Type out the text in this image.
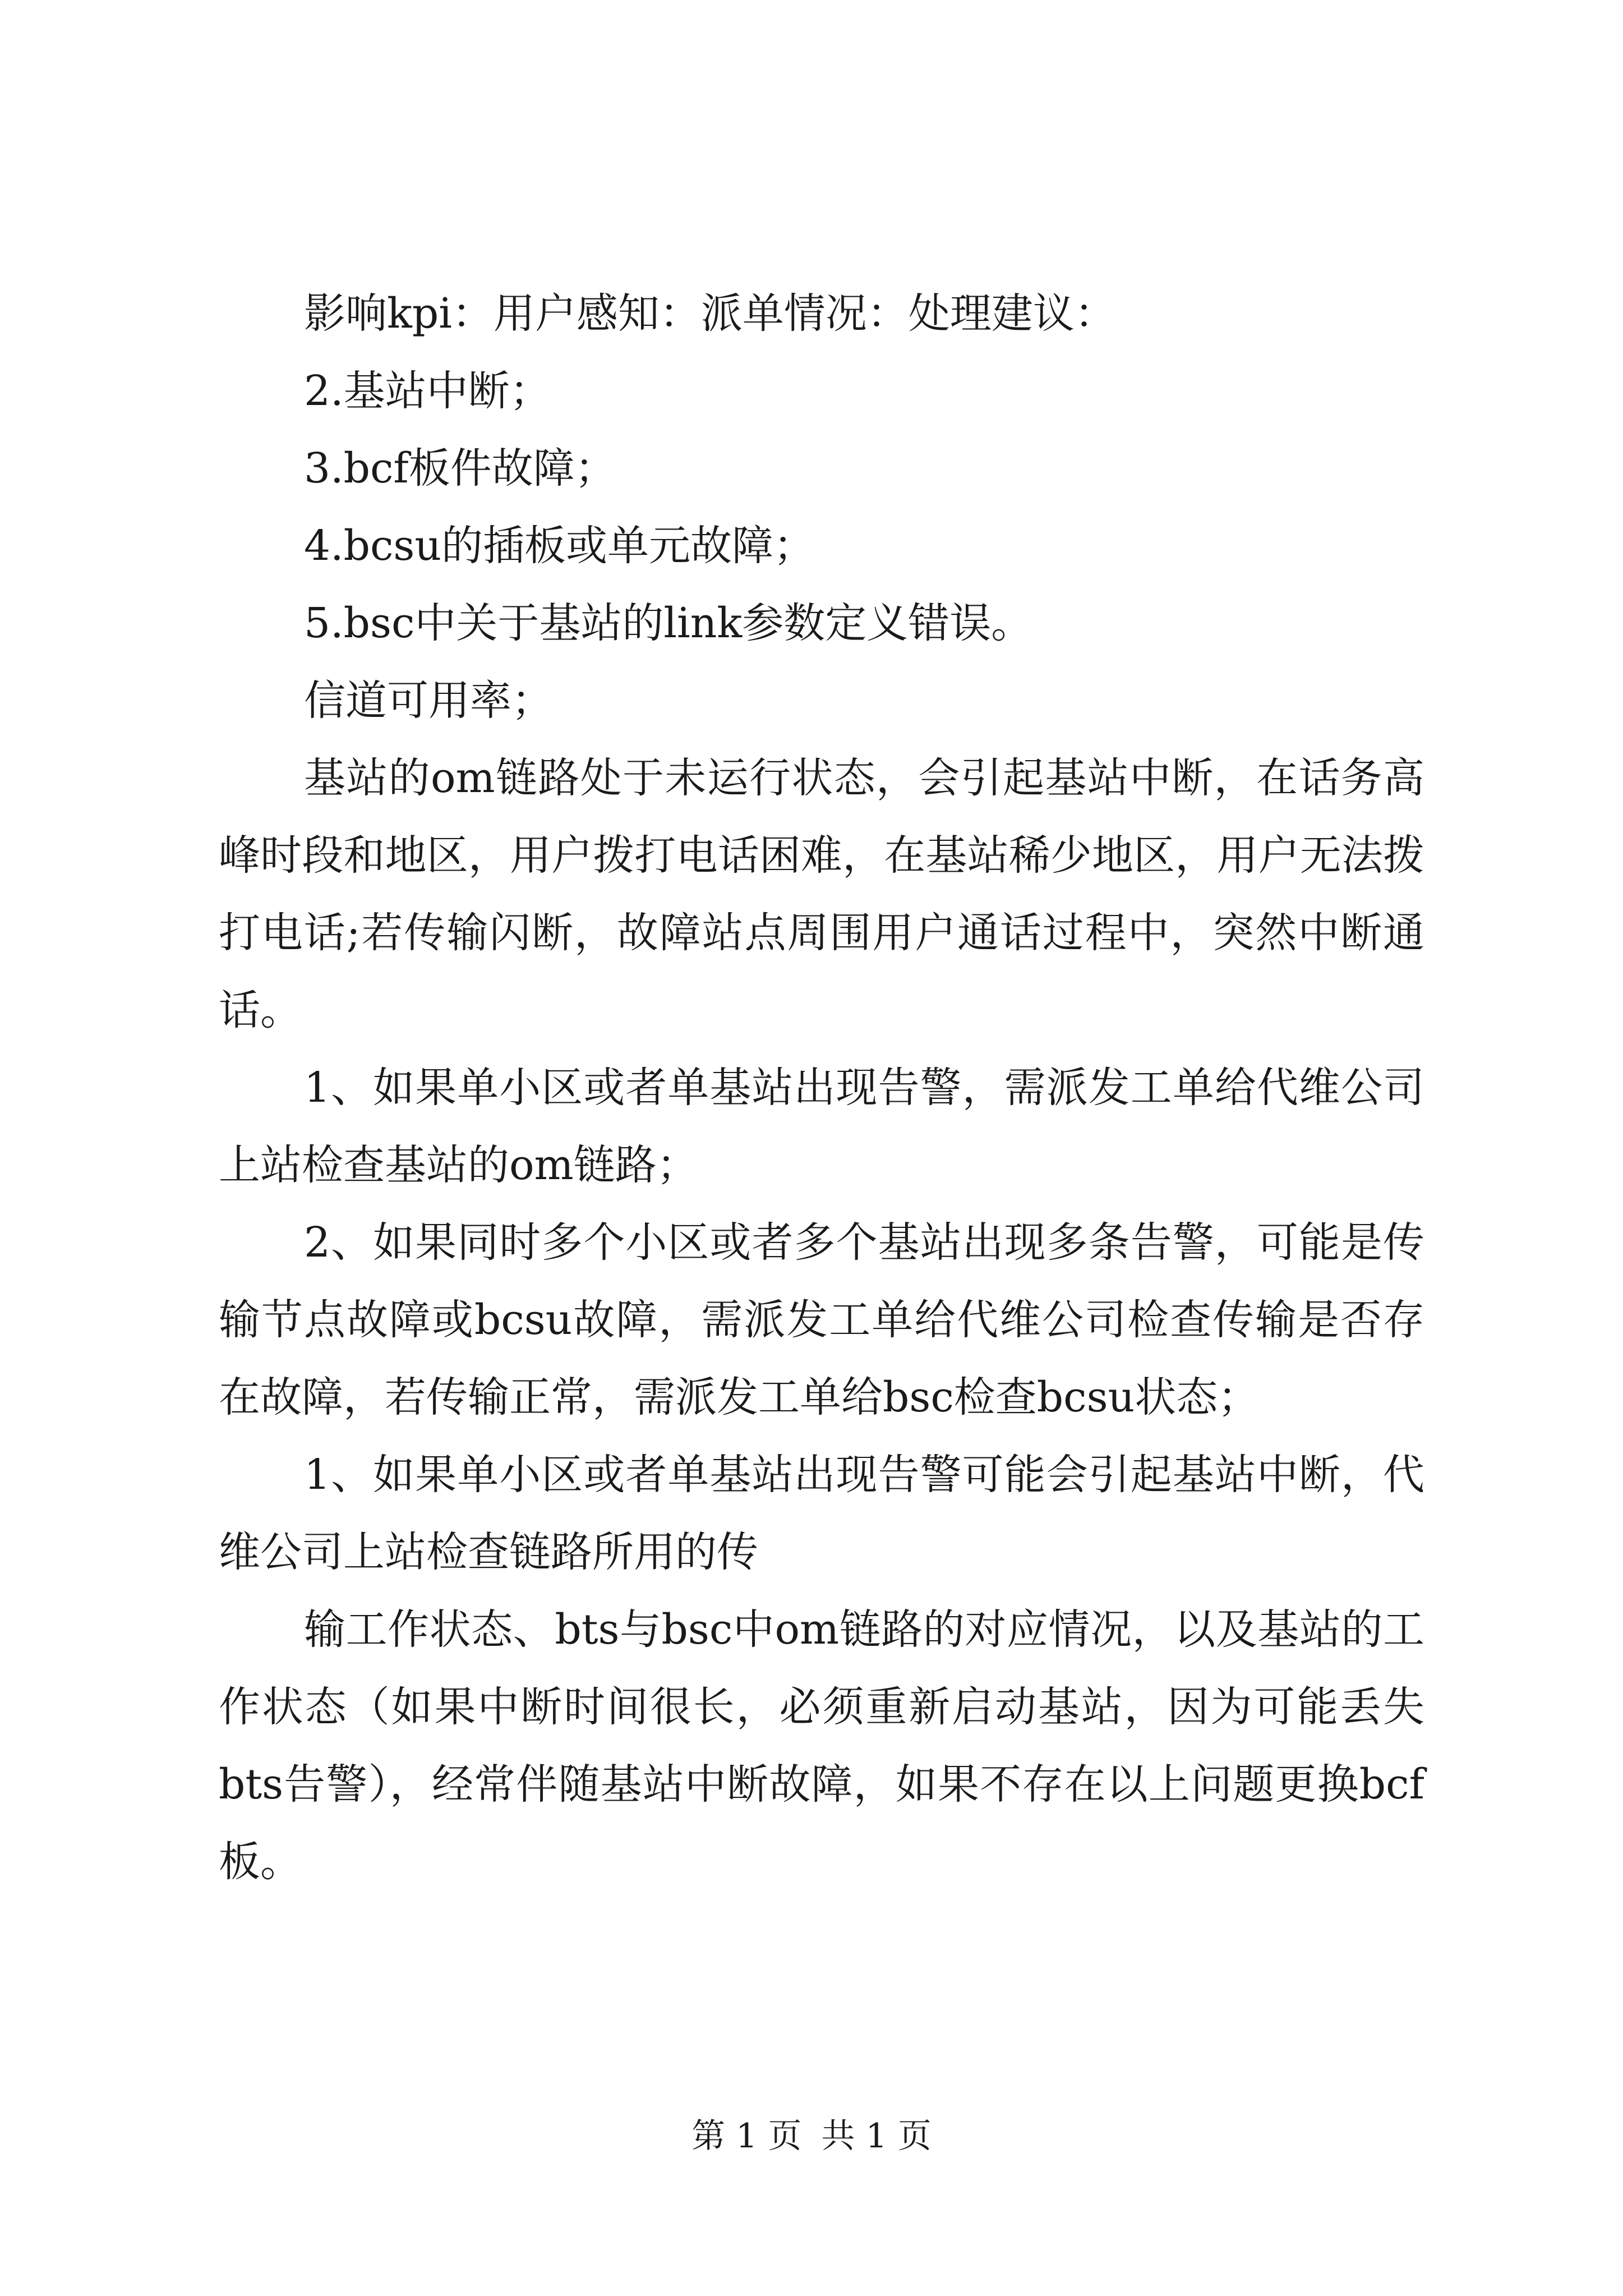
影响kpi：用户感知：派单情况：处理建议：

2.基站中断；

3.bcf板件故障；

4.bcsu的插板或单元故障；

5.bsc中关于基站的link参数定义错误。

信道可用率；

基站的om链路处于未运行状态，会引起基站中断，在话务高峰时段和地区，用户拨打电话困难，在基站稀少地区，用户无法拨打电话;若传输闪断，故障站点周围用户通话过程中，突然中断通话。

1、如果单小区或者单基站出现告警，需派发工单给代维公司上站检查基站的om链路；

2、如果同时多个小区或者多个基站出现多条告警，可能是传输节点故障或bcsu故障，需派发工单给代维公司检查传输是否存在故障，若传输正常，需派发工单给bsc检查bcsu状态；

1、如果单小区或者单基站出现告警可能会引起基站中断，代维公司上站检查链路所用的传

输工作状态、bts与bsc中om链路的对应情况，以及基站的工作状态（如果中断时间很长，必须重新启动基站，因为可能丢失bts告警），经常伴随基站中断故障，如果不存在以上问题更换bcf板。

第 1 页 共 1 页
